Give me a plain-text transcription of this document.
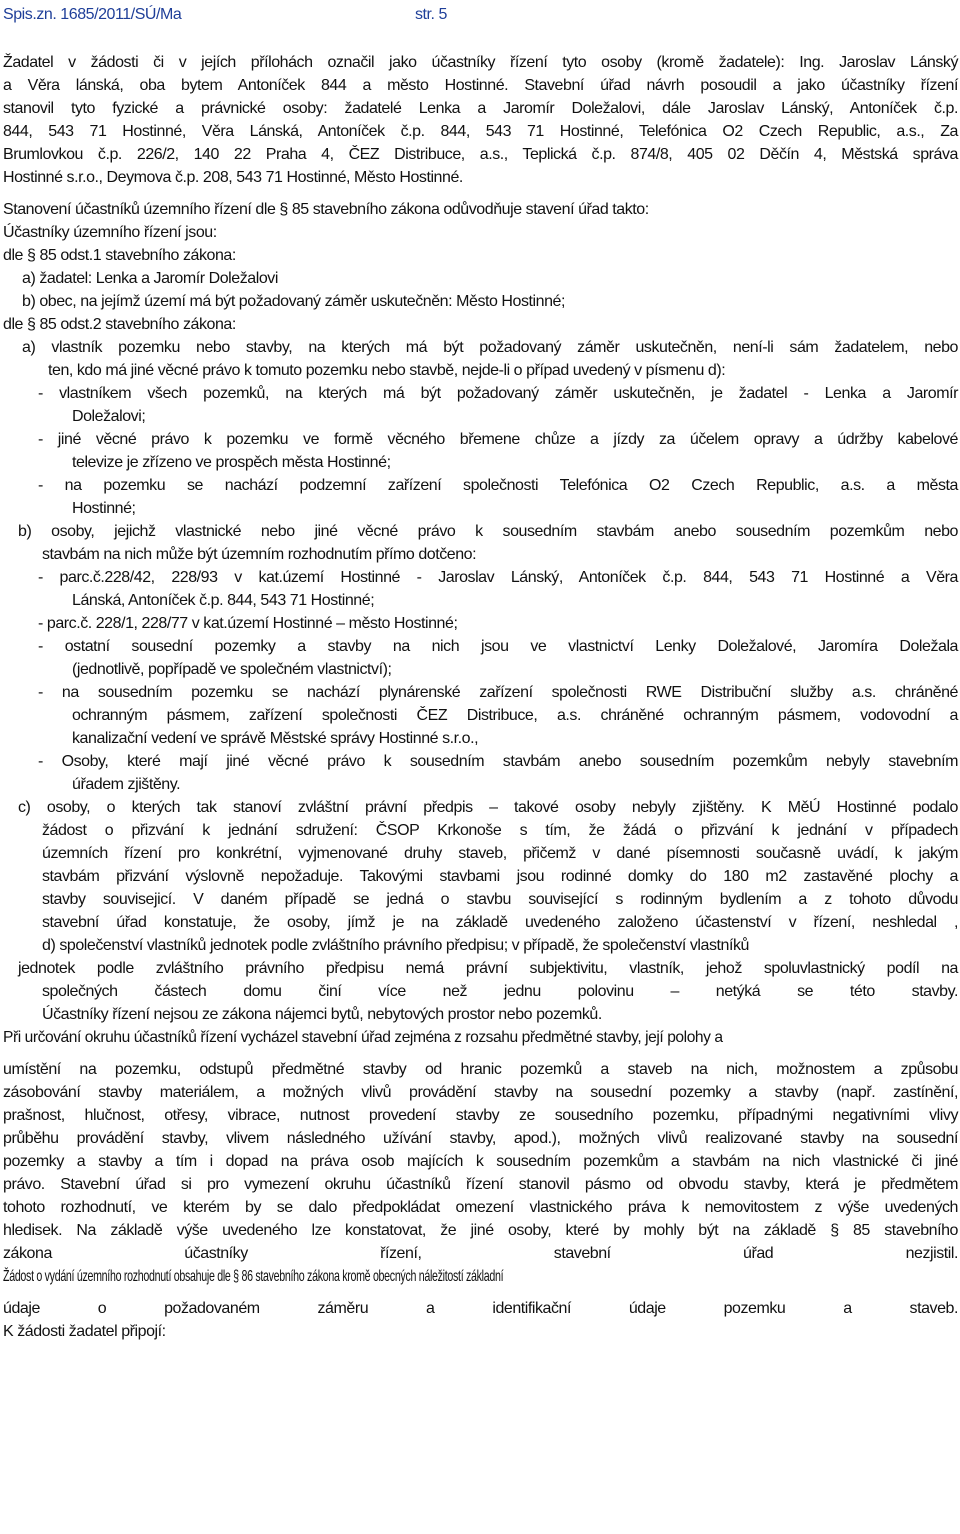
Spis.zn. 1685/2011/SÚ/Ma	str. 5
Žadatel v žádosti či v jejích přílohách označil jako účastníky řízení tyto osoby (kromě žadatele): Ing. Jaroslav Lánský
a Věra lánská, oba bytem Antoníček 844 a město Hostinné. Stavební úřad návrh posoudil a jako účastníky řízení
stanovil tyto fyzické a právnické osoby: žadatelé Lenka a Jaromír Doležalovi, dále Jaroslav Lánský, Antoníček č.p.
844, 543 71 Hostinné, Věra Lánská, Antoníček č.p. 844, 543 71 Hostinné, Telefónica O2 Czech Republic, a.s., Za
Brumlovkou č.p. 226/2, 140 22 Praha 4, ČEZ Distribuce, a.s., Teplická č.p. 874/8, 405 02 Děčín 4, Městská správa
Hostinné s.r.o., Deymova č.p. 208, 543 71 Hostinné, Město Hostinné.
Stanovení účastníků územního řízení dle § 85 stavebního zákona odůvodňuje stavení úřad takto:
Účastníky územního řízení jsou:
dle § 85 odst.1 stavebního zákona:
a) žadatel: Lenka a Jaromír Doležalovi
b) obec, na jejímž území má být požadovaný záměr uskutečněn: Město Hostinné;
dle § 85 odst.2 stavebního zákona:
a) vlastník pozemku nebo stavby, na kterých má být požadovaný záměr uskutečněn, není-li sám žadatelem, nebo
ten, kdo má jiné věcné právo k tomuto pozemku nebo stavbě, nejde-li o případ uvedený v písmenu d):
- vlastníkem všech pozemků, na kterých má být požadovaný záměr uskutečněn, je žadatel - Lenka a Jaromír
Doležalovi;
- jiné věcné právo k pozemku ve formě věcného břemene chůze a jízdy za účelem opravy a údržby kabelové
televize je zřízeno ve prospěch města Hostinné;
- na pozemku se nachází podzemní zařízení společnosti Telefónica O2 Czech Republic, a.s. a města
Hostinné;
b) osoby, jejichž vlastnické nebo jiné věcné právo k sousedním stavbám anebo sousedním pozemkům nebo
stavbám na nich může být územním rozhodnutím přímo dotčeno:
- parc.č.228/42, 228/93 v kat.území Hostinné - Jaroslav Lánský, Antoníček č.p. 844, 543 71 Hostinné a Věra
Lánská, Antoníček č.p. 844, 543 71 Hostinné;
- parc.č. 228/1, 228/77 v kat.území Hostinné – město Hostinné;
- ostatní sousední pozemky a stavby na nich jsou ve vlastnictví Lenky Doležalové, Jaromíra Doležala
(jednotlivě, popřípadě ve společném vlastnictví);
- na sousedním pozemku se nachází plynárenské zařízení společnosti RWE Distribuční služby a.s. chráněné
ochranným pásmem, zařízení společnosti ČEZ Distribuce, a.s. chráněné ochranným pásmem, vodovodní a
kanalizační vedení ve správě Městské správy Hostinné s.r.o.,
- Osoby, které mají jiné věcné právo k sousedním stavbám anebo sousedním pozemkům nebyly stavebním
úřadem zjištěny.
c) osoby, o kterých tak stanoví zvláštní právní předpis – takové osoby nebyly zjištěny. K MěÚ Hostinné podalo
žádost o přizvání k jednání sdružení: ČSOP Krkonoše s tím, že žádá o přizvání k jednání v případech
územních řízení pro konkrétní, vyjmenované druhy staveb, přičemž v dané písemnosti současně uvádí, k jakým
stavbám přizvání výslovně nepožaduje. Takovými stavbami jsou rodinné domky do 180 m2 zastavěné plochy a
stavby souvisejicí. V daném případě se jedná o stavbu související s rodinným bydlením a z tohoto důvodu
stavební úřad konstatuje, že osoby, jímž je na základě uvedeného založeno účastenství v řízení, neshledal ,
d) společenství vlastníků jednotek podle zvláštního právního předpisu; v případě, že společenství vlastníků
jednotek podle zvláštního právního předpisu nemá právní subjektivitu, vlastník, jehož spoluvlastnický podíl na
společných částech domu činí více než jednu polovinu – netýká se této stavby.
Účastníky řízení nejsou ze zákona nájemci bytů, nebytových prostor nebo pozemků.
Při určování okruhu účastníků řízení vycházel stavební úřad zejména z rozsahu předmětné stavby, její polohy a
umístění na pozemku, odstupů předmětné stavby od hranic pozemků a staveb na nich, možnostem a způsobu
zásobování stavby materiálem, a možných vlivů provádění stavby na sousední pozemky a stavby (např. zastínění,
prašnost, hlučnost, otřesy, vibrace, nutnost provedení stavby ze sousedního pozemku, případnými negativními vlivy
průběhu provádění stavby, vlivem následného užívání stavby, apod.), možných vlivů realizované stavby na sousední
pozemky a stavby a tím i dopad na práva osob majících k sousedním pozemkům a stavbám na nich vlastnické či jiné
právo. Stavební úřad si pro vymezení okruhu účastníků řízení stanovil pásmo od obvodu stavby, která je předmětem
tohoto rozhodnutí, ve kterém by se dalo předpokládat omezení vlastnického práva k nemovitostem z výše uvedených
hledisek. Na základě výše uvedeného lze konstatovat, že jiné osoby, které by mohly být na základě § 85 stavebního
zákona účastníky řízení, stavební úřad nezjistil.
Žádost o vydání územního rozhodnutí obsahuje dle § 86 stavebního zákona kromě obecných náležitostí základní
údaje o požadovaném záměru a identifikační údaje pozemku a staveb.
K žádosti žadatel připojí:
